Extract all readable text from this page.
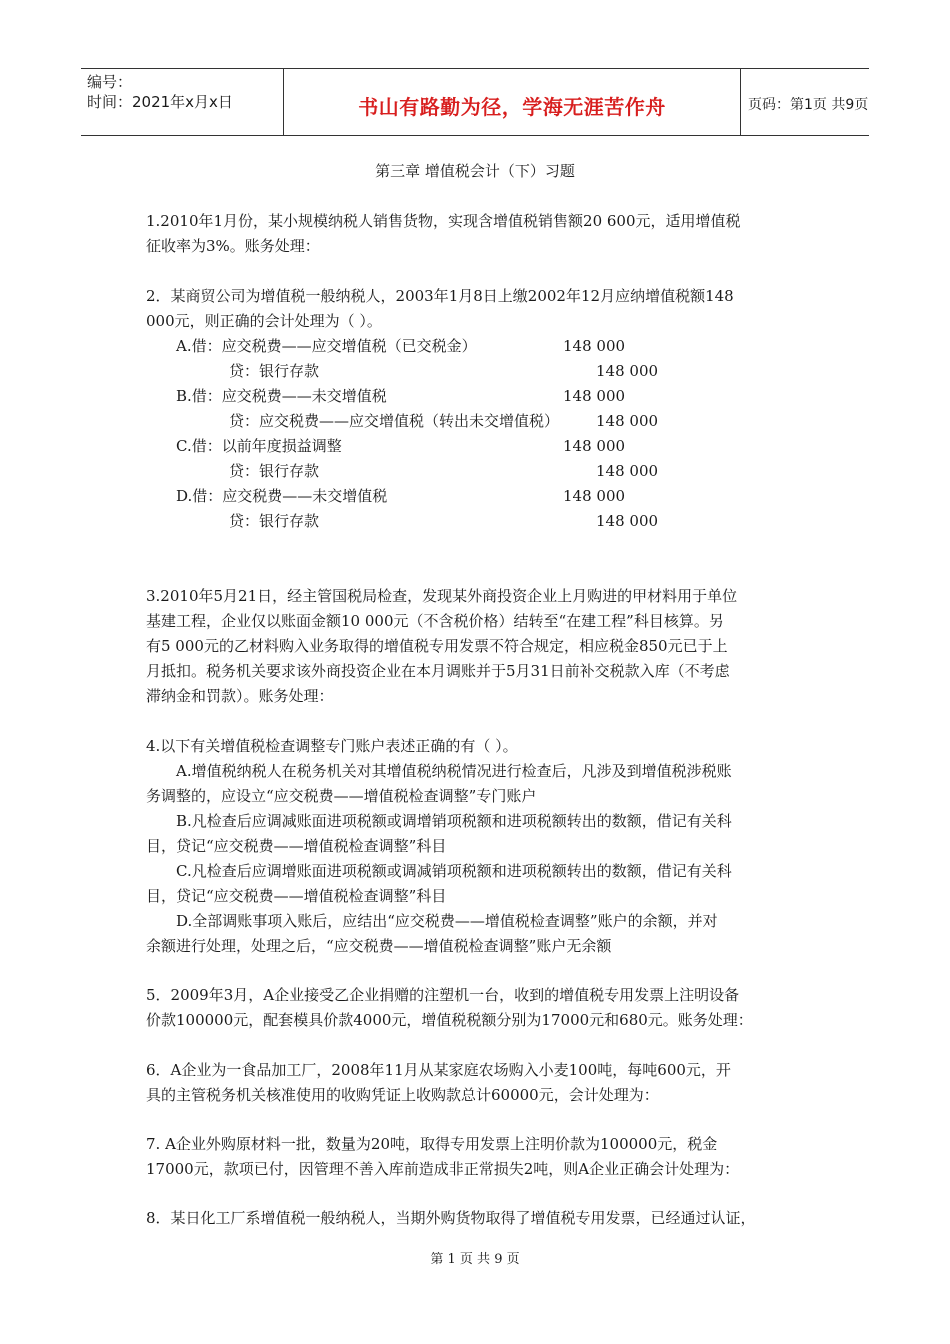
编号：
时间：2021年x月x日	书山有路勤为径，学海无涯苦作舟	页码：第1页 共9页
第三章 增值税会计（下）习题
1.2010年1月份，某小规模纳税人销售货物，实现含增值税销售额20 600元，适用增值税
征收率为3%。账务处理：
2．某商贸公司为增值税一般纳税人，2003年1月8日上缴2002年12月应纳增值税额148
000元，则正确的会计处理为（ ）。
A.借：应交税费——应交增值税（已交税金）	148 000
贷：银行存款	148 000
B.借：应交税费——未交增值税	148 000
贷：应交税费——应交增值税（转出未交增值税） 148 000
C.借：以前年度损益调整	148 000
贷：银行存款	148 000
D.借：应交税费——未交增值税	148 000
贷：银行存款	148 000
3.2010年5月21日，经主管国税局检查，发现某外商投资企业上月购进的甲材料用于单位
基建工程，企业仅以账面金额10 000元（不含税价格）结转至“在建工程”科目核算。另
有5 000元的乙材料购入业务取得的增值税专用发票不符合规定，相应税金850元已于上
月抵扣。税务机关要求该外商投资企业在本月调账并于5月31日前补交税款入库（不考虑
滞纳金和罚款）。账务处理：
4.以下有关增值税检查调整专门账户表述正确的有（ ）。
A.增值税纳税人在税务机关对其增值税纳税情况进行检查后，凡涉及到增值税涉税账
务调整的，应设立“应交税费——增值税检查调整”专门账户
B.凡检查后应调减账面进项税额或调增销项税额和进项税额转出的数额，借记有关科
目，贷记“应交税费——增值税检查调整”科目
C.凡检查后应调增账面进项税额或调减销项税额和进项税额转出的数额，借记有关科
目，贷记“应交税费——增值税检查调整”科目
D.全部调账事项入账后，应结出“应交税费——增值税检查调整”账户的余额，并对
余额进行处理，处理之后，“应交税费——增值税检查调整”账户无余额
5．2009年3月，A企业接受乙企业捐赠的注塑机一台，收到的增值税专用发票上注明设备
价款100000元，配套模具价款4000元，增值税税额分别为17000元和680元。账务处理：
6．A企业为一食品加工厂，2008年11月从某家庭农场购入小麦100吨，每吨600元，开
具的主管税务机关核准使用的收购凭证上收购款总计60000元，会计处理为：
7. A企业外购原材料一批，数量为20吨，取得专用发票上注明价款为100000元，税金
17000元，款项已付，因管理不善入库前造成非正常损失2吨，则A企业正确会计处理为：
8．某日化工厂系增值税一般纳税人，当期外购货物取得了增值税专用发票，已经通过认证，
第 1 页 共 9 页
